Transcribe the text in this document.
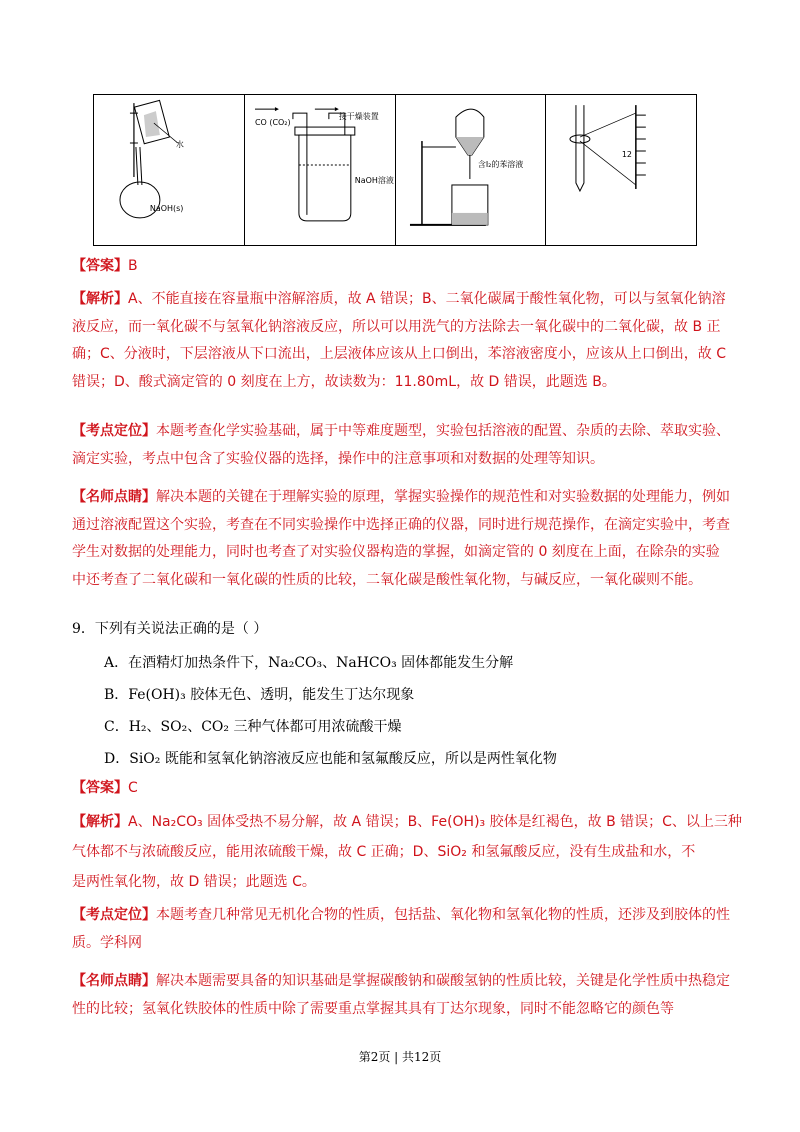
水
NaOH(s)
CO (CO₂)
接干燥装置
NaOH溶液
含I₂的苯溶液
12
【答案】B
【解析】A、不能直接在容量瓶中溶解溶质，故 A 错误；B、二氧化碳属于酸性氧化物，可以与氢氧化钠溶液反应，而一氧化碳不与氢氧化钠溶液反应，所以可以用洗气的方法除去一氧化碳中的二氧化碳，故 B 正确；C、分液时，下层溶液从下口流出，上层液体应该从上口倒出，苯溶液密度小，应该从上口倒出，故 C 错误；D、酸式滴定管的 0 刻度在上方，故读数为：11.80mL，故 D 错误，此题选 B。
【考点定位】本题考查化学实验基础，属于中等难度题型，实验包括溶液的配置、杂质的去除、萃取实验、滴定实验，考点中包含了实验仪器的选择，操作中的注意事项和对数据的处理等知识。
【名师点睛】解决本题的关键在于理解实验的原理，掌握实验操作的规范性和对实验数据的处理能力，例如通过溶液配置这个实验，考查在不同实验操作中选择正确的仪器，同时进行规范操作，在滴定实验中，考查学生对数据的处理能力，同时也考查了对实验仪器构造的掌握，如滴定管的 0 刻度在上面，在除杂的实验中还考查了二氧化碳和一氧化碳的性质的比较，二氧化碳是酸性氧化物，与碱反应，一氧化碳则不能。
9．下列有关说法正确的是（ ）
A．在酒精灯加热条件下，Na₂CO₃、NaHCO₃ 固体都能发生分解
B．Fe(OH)₃ 胶体无色、透明，能发生丁达尔现象
C．H₂、SO₂、CO₂ 三种气体都可用浓硫酸干燥
D．SiO₂ 既能和氢氧化钠溶液反应也能和氢氟酸反应，所以是两性氧化物
【答案】C
【解析】A、Na₂CO₃ 固体受热不易分解，故 A 错误；B、Fe(OH)₃ 胶体是红褐色，故 B 错误；C、以上三种
气体都不与浓硫酸反应，能用浓硫酸干燥，故 C 正确；D、SiO₂ 和氢氟酸反应，没有生成盐和水，不
是两性氧化物，故 D 错误；此题选 C。
【考点定位】本题考查几种常见无机化合物的性质，包括盐、氧化物和氢氧化物的性质，还涉及到胶体的性质。学科网
【名师点睛】解决本题需要具备的知识基础是掌握碳酸钠和碳酸氢钠的性质比较，关键是化学性质中热稳定性的比较；氢氧化铁胶体的性质中除了需要重点掌握其具有丁达尔现象，同时不能忽略它的颜色等
第2页 | 共12页
